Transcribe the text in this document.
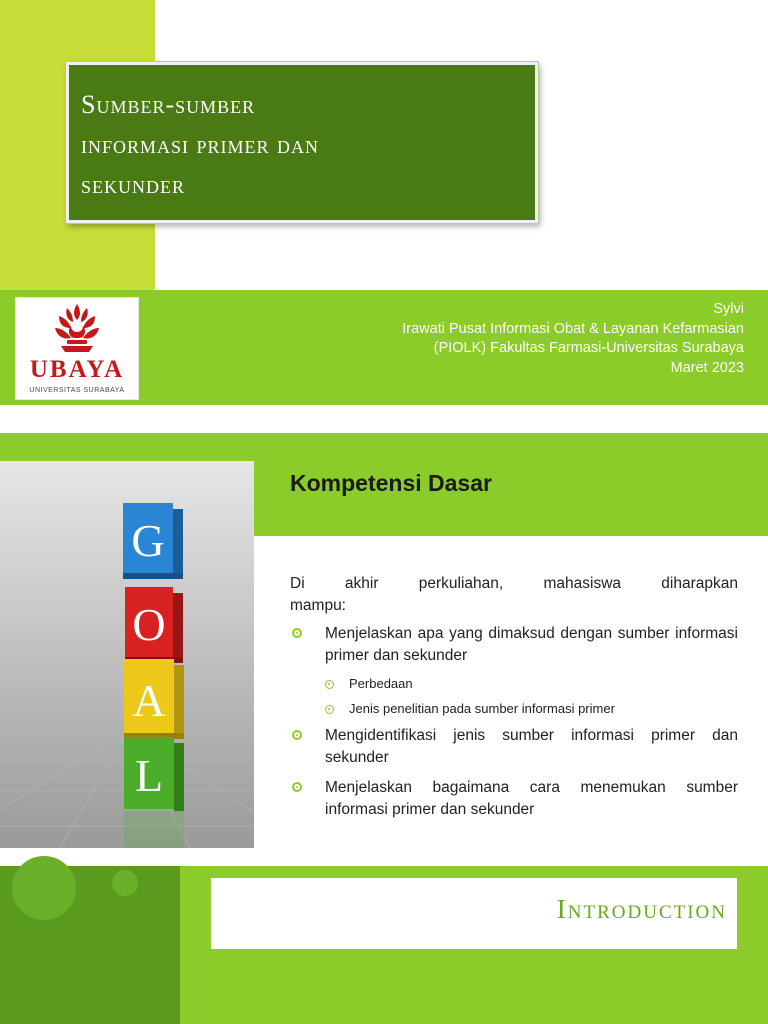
Sumber-sumber
informasi primer dan
sekunder
UBAYA
UNIVERSITAS SURABAYA
Sylvi
Irawati Pusat Informasi Obat & Layanan Kefarmasian
(PIOLK) Fakultas Farmasi-Universitas Surabaya
Maret 2023
G
O
A
L
Kompetensi Dasar

Di akhir perkuliahan, mahasiswa diharapkan

mampu:

Menjelaskan apa yang dimaksud dengan sumber informasi primer dan sekunder
Perbedaan
Jenis penelitian pada sumber informasi primer
Mengidentifikasi jenis sumber informasi primer dan sekunder
Menjelaskan bagaimana cara menemukan sumber informasi primer dan sekunder
Introduction
